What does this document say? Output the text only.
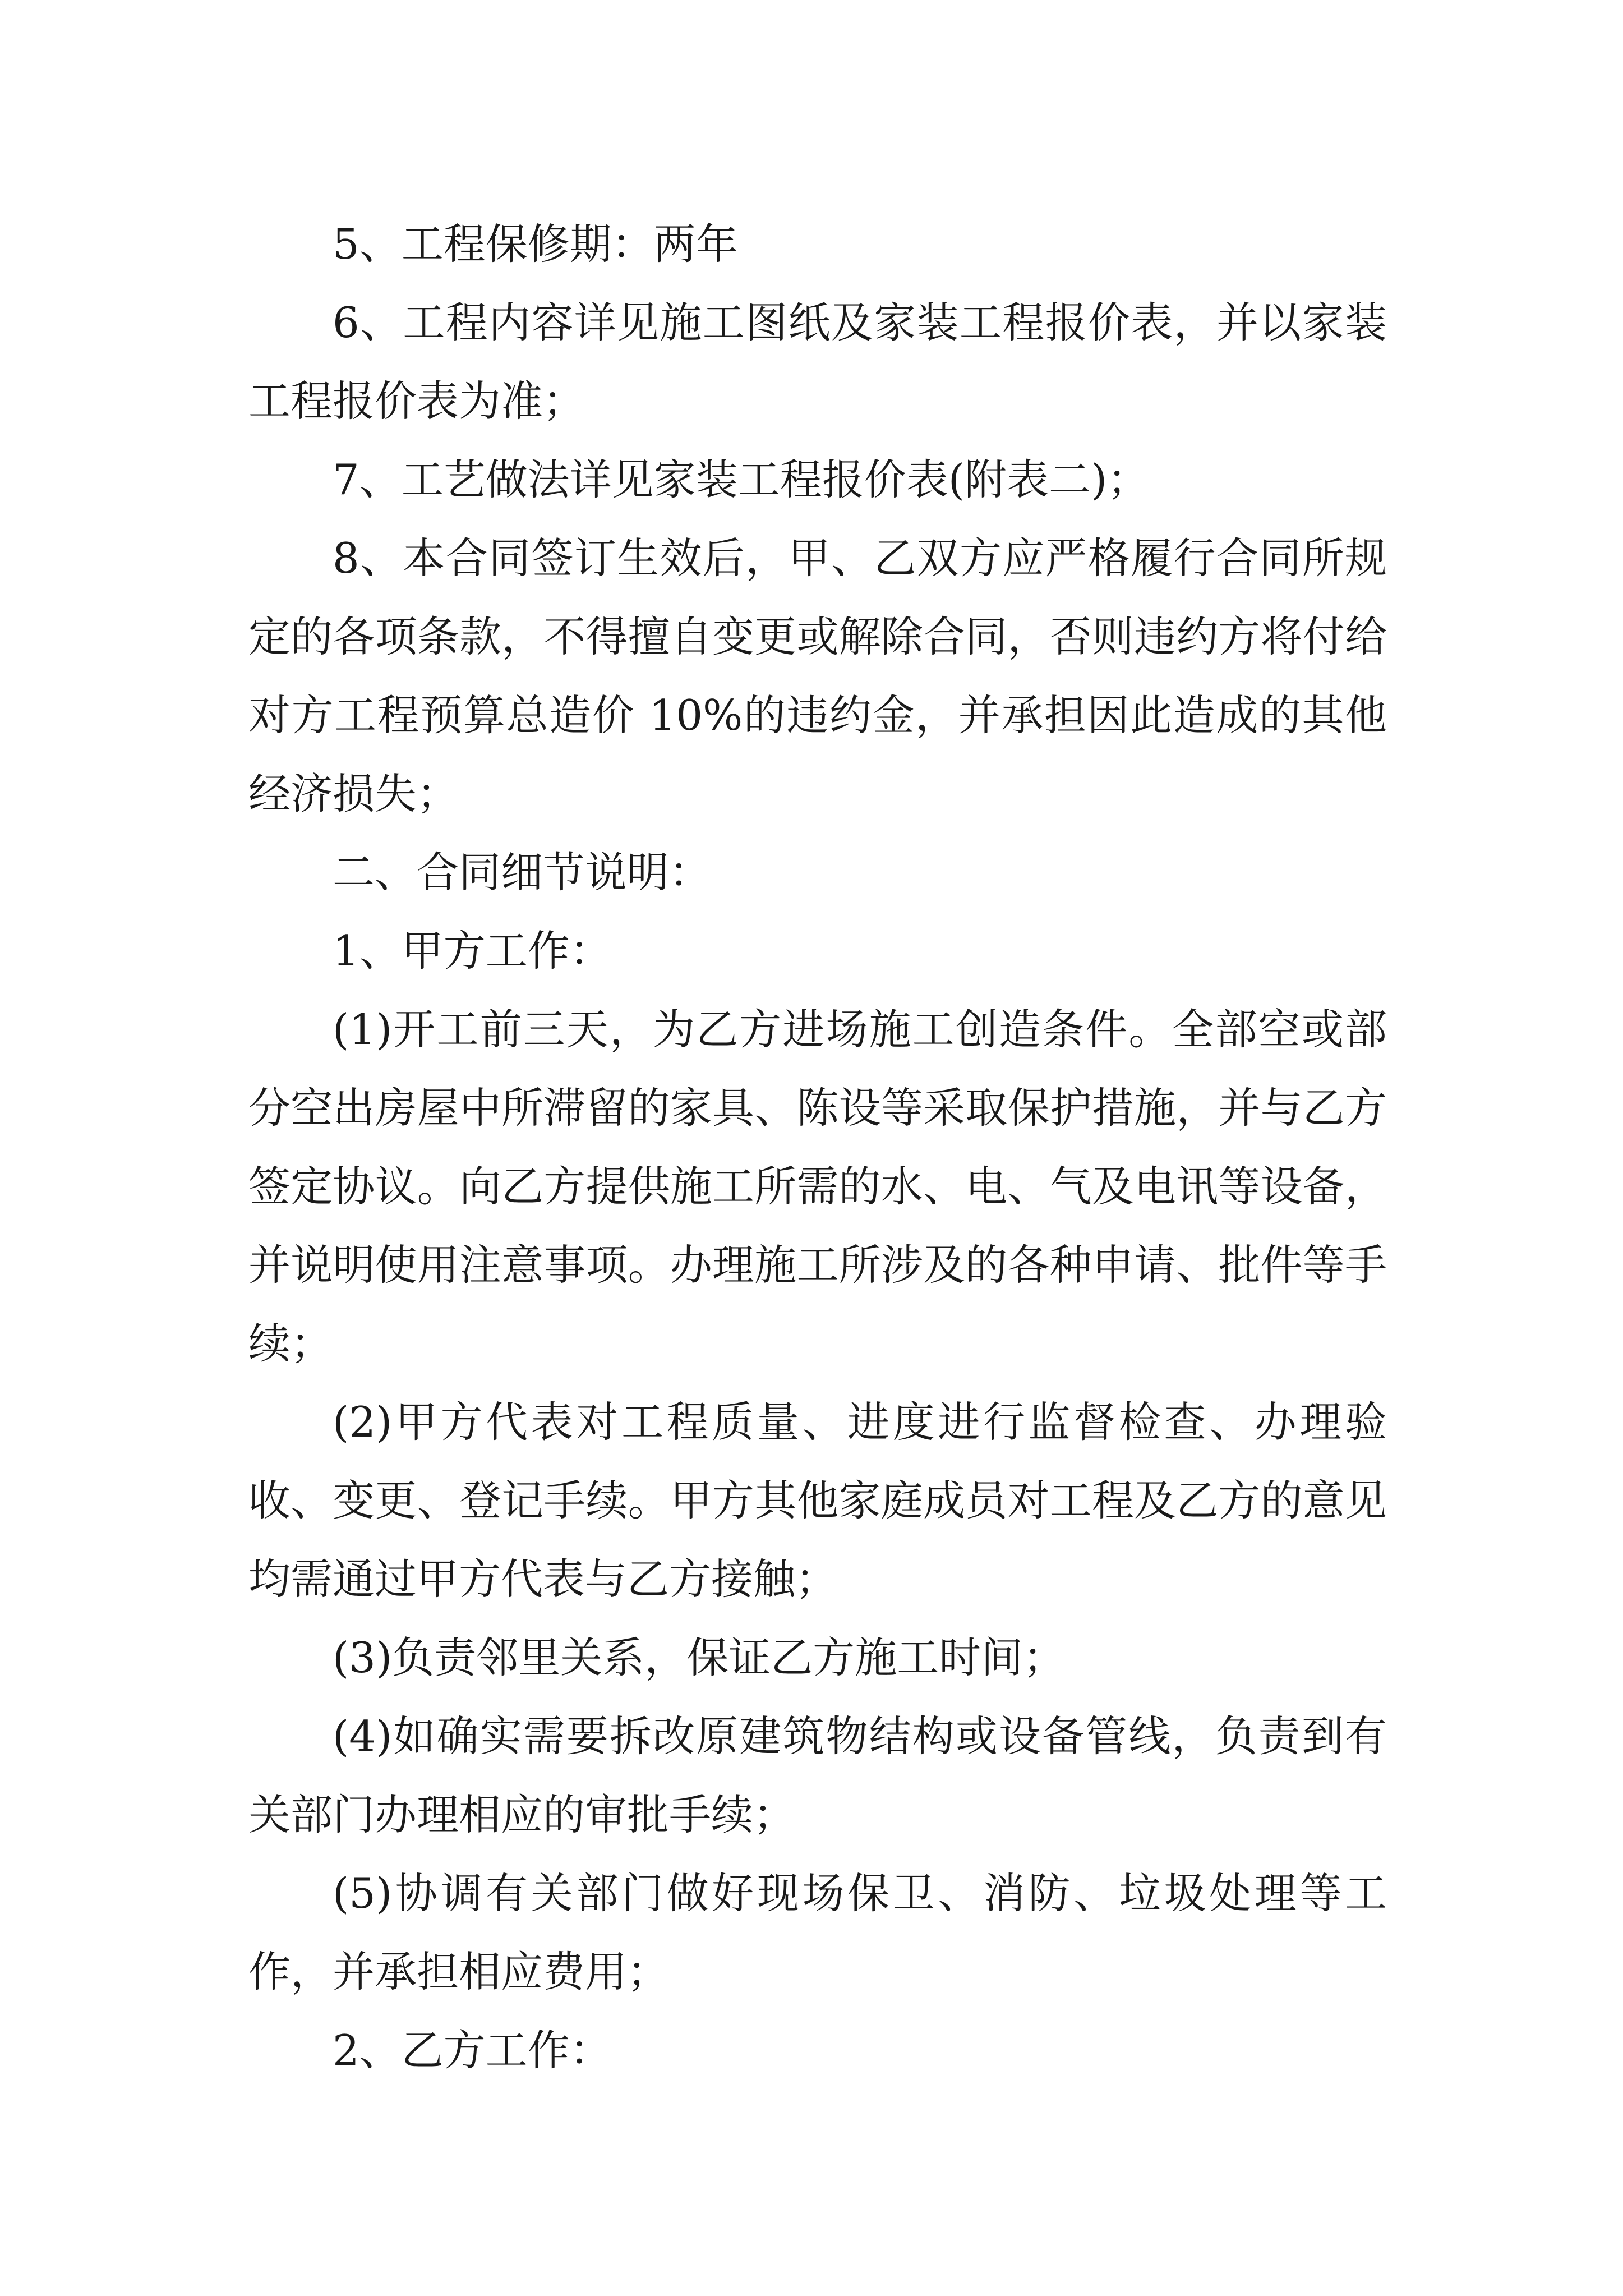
5、工程保修期：两年

6、工程内容详见施工图纸及家装工程报价表，并以家装工程报价表为准；

7、工艺做法详见家装工程报价表(附表二)；

8、本合同签订生效后，甲、乙双方应严格履行合同所规定的各项条款，不得擅自变更或解除合同，否则违约方将付给对方工程预算总造价 10%的违约金，并承担因此造成的其他经济损失；

二、合同细节说明：

1、甲方工作：

(1)开工前三天，为乙方进场施工创造条件。全部空或部分空出房屋中所滞留的家具、陈设等采取保护措施，并与乙方签定协议。向乙方提供施工所需的水、电、气及电讯等设备，并说明使用注意事项。办理施工所涉及的各种申请、批件等手续；

(2)甲方代表对工程质量、进度进行监督检查、办理验收、变更、登记手续。甲方其他家庭成员对工程及乙方的意见均需通过甲方代表与乙方接触；

(3)负责邻里关系，保证乙方施工时间；

(4)如确实需要拆改原建筑物结构或设备管线，负责到有关部门办理相应的审批手续；

(5)协调有关部门做好现场保卫、消防、垃圾处理等工作，并承担相应费用；

2、乙方工作：
